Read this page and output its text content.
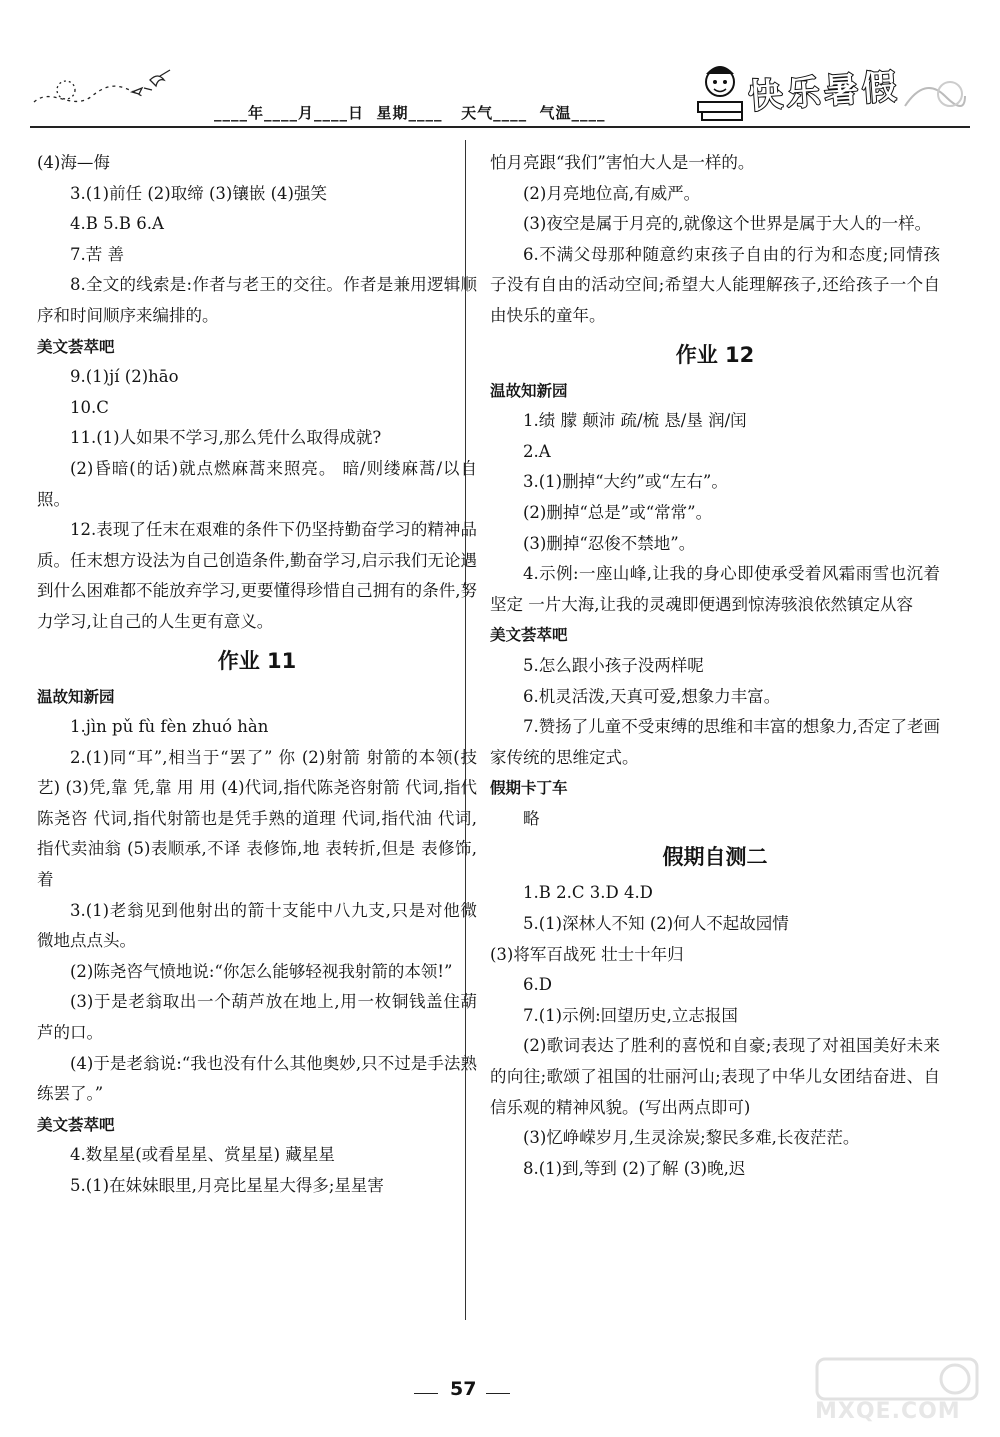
____年____月____日  星期____   天气____  气温____	快乐暑假

(4)海—侮

3.(1)前任 (2)取缔 (3)镶嵌 (4)强笑

4.B 5.B 6.A

7.苦 善

8.全文的线索是:作者与老王的交往。作者是兼用逻辑顺序和时间顺序来编排的。

美文荟萃吧

9.(1)jí (2)hāo

10.C

11.(1)人如果不学习,那么凭什么取得成就?

(2)昏暗(的话)就点燃麻蒿来照亮。 暗/则缕麻蒿/以自照。

12.表现了任末在艰难的条件下仍坚持勤奋学习的精神品质。任末想方设法为自己创造条件,勤奋学习,启示我们无论遇到什么困难都不能放弃学习,更要懂得珍惜自己拥有的条件,努力学习,让自己的人生更有意义。

作业 11

温故知新园

1.jìn pǔ fù fèn zhuó hàn

2.(1)同“耳”,相当于“罢了” 你 (2)射箭 射箭的本领(技艺) (3)凭,靠 凭,靠 用 用 (4)代词,指代陈尧咨射箭 代词,指代陈尧咨 代词,指代射箭也是凭手熟的道理 代词,指代油 代词,指代卖油翁 (5)表顺承,不译 表修饰,地 表转折,但是 表修饰,着

3.(1)老翁见到他射出的箭十支能中八九支,只是对他微微地点点头。

(2)陈尧咨气愤地说:“你怎么能够轻视我射箭的本领!”

(3)于是老翁取出一个葫芦放在地上,用一枚铜钱盖住葫芦的口。

(4)于是老翁说:“我也没有什么其他奥妙,只不过是手法熟练罢了。”

美文荟萃吧

4.数星星(或看星星、赏星星) 藏星星

5.(1)在妹妹眼里,月亮比星星大得多;星星害

怕月亮跟“我们”害怕大人是一样的。

(2)月亮地位高,有威严。

(3)夜空是属于月亮的,就像这个世界是属于大人的一样。

6.不满父母那种随意约束孩子自由的行为和态度;同情孩子没有自由的活动空间;希望大人能理解孩子,还给孩子一个自由快乐的童年。

作业 12

温故知新园

1.绩 朦 颠沛 疏/梳 恳/垦 润/闰

2.A

3.(1)删掉“大约”或“左右”。

(2)删掉“总是”或“常常”。

(3)删掉“忍俊不禁地”。

4.示例:一座山峰,让我的身心即使承受着风霜雨雪也沉着坚定 一片大海,让我的灵魂即便遇到惊涛骇浪依然镇定从容

美文荟萃吧

5.怎么跟小孩子没两样呢

6.机灵活泼,天真可爱,想象力丰富。

7.赞扬了儿童不受束缚的思维和丰富的想象力,否定了老画家传统的思维定式。

假期卡丁车

略

假期自测二

1.B 2.C 3.D 4.D

5.(1)深林人不知 (2)何人不起故园情

(3)将军百战死 壮士十年归

6.D

7.(1)示例:回望历史,立志报国

(2)歌词表达了胜利的喜悦和自豪;表现了对祖国美好未来的向往;歌颂了祖国的壮丽河山;表现了中华儿女团结奋进、自信乐观的精神风貌。(写出两点即可)

(3)忆峥嵘岁月,生灵涂炭;黎民多难,长夜茫茫。

8.(1)到,等到 (2)了解 (3)晚,迟

57
MXQE.COM
